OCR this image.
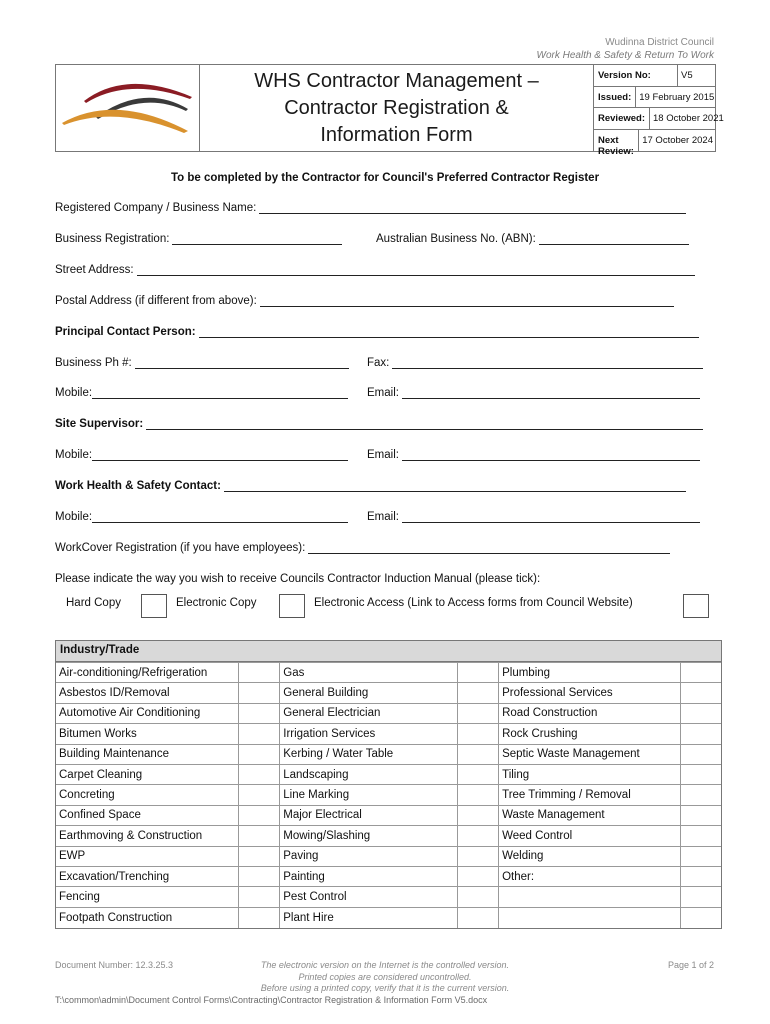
Wudinna District Council
Work Health & Safety & Return To Work
WHS Contractor Management –
Contractor Registration &
Information Form
Version No:	V5
Issued: 19 February 2015
Reviewed: 18 October 2021
Next Review:
17 October 2024
To be completed by the Contractor for Council's Preferred Contractor Register
Registered Company / Business Name:
Business Registration:	Australian Business No. (ABN):
Street Address:
Postal Address (if different from above):
Principal Contact Person:
Business Ph #:	Fax:
Mobile:	Email:
Site Supervisor:
Mobile:	Email:
Work Health & Safety Contact:
Mobile:	Email:
WorkCover Registration (if you have employees):
Please indicate the way you wish to receive Councils Contractor Induction Manual (please tick):
Hard Copy	Electronic Copy	Electronic Access (Link to Access forms from Council Website)
Industry/Trade
Air-conditioning/Refrigeration		Gas		Plumbing	
Asbestos ID/Removal		General Building		Professional Services	
Automotive Air Conditioning		General Electrician		Road Construction	
Bitumen Works		Irrigation Services		Rock Crushing	
Building Maintenance		Kerbing / Water Table		Septic Waste Management	
Carpet Cleaning		Landscaping		Tiling	
Concreting		Line Marking		Tree Trimming / Removal	
Confined Space		Major Electrical		Waste Management	
Earthmoving & Construction		Mowing/Slashing		Weed Control	
EWP		Paving		Welding	
Excavation/Trenching		Painting		Other:	
Fencing		Pest Control			
Footpath Construction		Plant Hire			
Document Number: 12.3.25.3	The electronic version on the Internet is the controlled version.
Printed copies are considered uncontrolled.
Before using a printed copy, verify that it is the current version.
Page 1 of 2
T:\common\admin\Document Control Forms\Contracting\Contractor Registration & Information Form V5.docx
